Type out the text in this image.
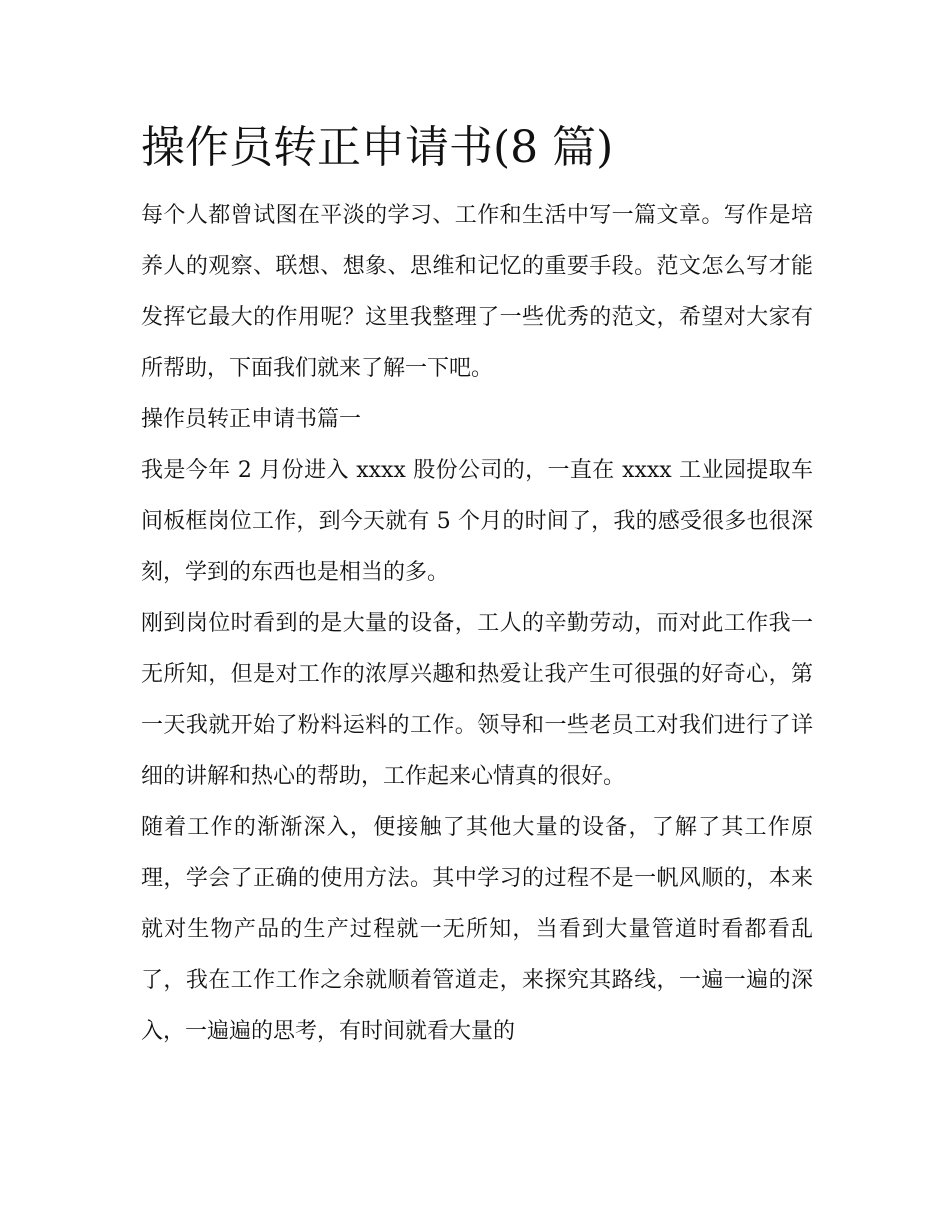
操作员转正申请书(8 篇)

每个人都曾试图在平淡的学习、工作和生活中写一篇文章。写作是培养人的观察、联想、想象、思维和记忆的重要手段。范文怎么写才能发挥它最大的作用呢？这里我整理了一些优秀的范文，希望对大家有所帮助，下面我们就来了解一下吧。

操作员转正申请书篇一

我是今年 2 月份进入 xxxx 股份公司的，一直在 xxxx 工业园提取车间板框岗位工作，到今天就有 5 个月的时间了，我的感受很多也很深刻，学到的东西也是相当的多。

刚到岗位时看到的是大量的设备，工人的辛勤劳动，而对此工作我一无所知，但是对工作的浓厚兴趣和热爱让我产生可很强的好奇心，第一天我就开始了粉料运料的工作。领导和一些老员工对我们进行了详细的讲解和热心的帮助，工作起来心情真的很好。

随着工作的渐渐深入，便接触了其他大量的设备，了解了其工作原理，学会了正确的使用方法。其中学习的过程不是一帆风顺的，本来就对生物产品的生产过程就一无所知，当看到大量管道时看都看乱了，我在工作工作之余就顺着管道走，来探究其路线，一遍一遍的深入，一遍遍的思考，有时间就看大量的
